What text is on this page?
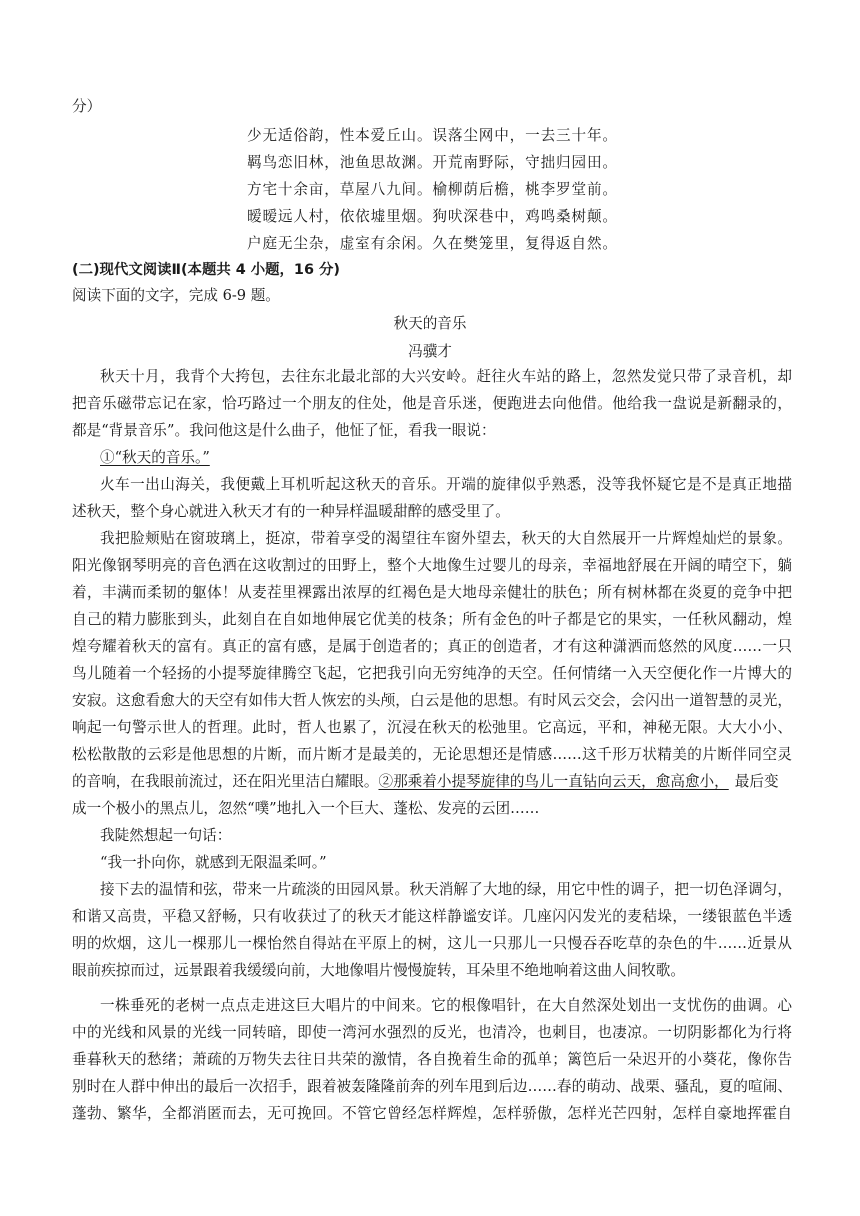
分）
少无适俗韵，性本爱丘山。误落尘网中，一去三十年。
羁鸟恋旧林，池鱼思故渊。开荒南野际，守拙归园田。
方宅十余亩，草屋八九间。榆柳荫后檐，桃李罗堂前。
暧暧远人村，依依墟里烟。狗吠深巷中，鸡鸣桑树颠。
户庭无尘杂，虚室有余闲。久在樊笼里，复得返自然。
(二)现代文阅读Ⅱ(本题共 4 小题，16 分)
阅读下面的文字，完成 6-9 题。
秋天的音乐
冯骥才
秋天十月，我背个大挎包，去往东北最北部的大兴安岭。赶往火车站的路上，忽然发觉只带了录音机，却
把音乐磁带忘记在家，恰巧路过一个朋友的住处，他是音乐迷，便跑进去向他借。他给我一盘说是新翻录的，
都是“背景音乐”。我问他这是什么曲子，他怔了怔，看我一眼说：
①“秋天的音乐。”
火车一出山海关，我便戴上耳机听起这秋天的音乐。开端的旋律似乎熟悉，没等我怀疑它是不是真正地描
述秋天，整个身心就进入秋天才有的一种异样温暖甜醉的感受里了。
我把脸颊贴在窗玻璃上，挺凉，带着享受的渴望往车窗外望去，秋天的大自然展开一片辉煌灿烂的景象。
阳光像钢琴明亮的音色洒在这收割过的田野上，整个大地像生过婴儿的母亲，幸福地舒展在开阔的晴空下，躺
着，丰满而柔韧的躯体！从麦茬里裸露出浓厚的红褐色是大地母亲健壮的肤色；所有树林都在炎夏的竞争中把
自己的精力膨胀到头，此刻自在自如地伸展它优美的枝条；所有金色的叶子都是它的果实，一任秋风翻动，煌
煌夸耀着秋天的富有。真正的富有感，是属于创造者的；真正的创造者，才有这种潇洒而悠然的风度……一只
鸟儿随着一个轻扬的小提琴旋律腾空飞起，它把我引向无穷纯净的天空。任何情绪一入天空便化作一片博大的
安寂。这愈看愈大的天空有如伟大哲人恢宏的头颅，白云是他的思想。有时风云交会，会闪出一道智慧的灵光，
响起一句警示世人的哲理。此时，哲人也累了，沉浸在秋天的松弛里。它高远，平和，神秘无限。大大小小、
松松散散的云彩是他思想的片断，而片断才是最美的，无论思想还是情感……这千形万状精美的片断伴同空灵
的音响，在我眼前流过，还在阳光里洁白耀眼。②那乘着小提琴旋律的鸟儿一直钻向云天，愈高愈小， 最后变
成一个极小的黑点儿，忽然“噗”地扎入一个巨大、蓬松、发亮的云团……
我陡然想起一句话：
“我一扑向你，就感到无限温柔呵。”
接下去的温情和弦，带来一片疏淡的田园风景。秋天消解了大地的绿，用它中性的调子，把一切色泽调匀，
和谐又高贵，平稳又舒畅，只有收获过了的秋天才能这样静谧安详。几座闪闪发光的麦秸垛，一缕银蓝色半透
明的炊烟，这儿一棵那儿一棵怡然自得站在平原上的树，这儿一只那儿一只慢吞吞吃草的杂色的牛……近景从
眼前疾掠而过，远景跟着我缓缓向前，大地像唱片慢慢旋转，耳朵里不绝地响着这曲人间牧歌。
一株垂死的老树一点点走进这巨大唱片的中间来。它的根像唱针，在大自然深处划出一支忧伤的曲调。心
中的光线和风景的光线一同转暗，即使一湾河水强烈的反光，也清冷，也刺目，也凄凉。一切阴影都化为行将
垂暮秋天的愁绪；萧疏的万物失去往日共荣的激情，各自挽着生命的孤单；篱笆后一朵迟开的小葵花，像你告
别时在人群中伸出的最后一次招手，跟着被轰隆隆前奔的列车甩到后边……春的萌动、战栗、骚乱，夏的喧闹、
蓬勃、繁华，全都消匿而去，无可挽回。不管它曾经怎样辉煌，怎样骄傲，怎样光芒四射，怎样自豪地挥霍自
